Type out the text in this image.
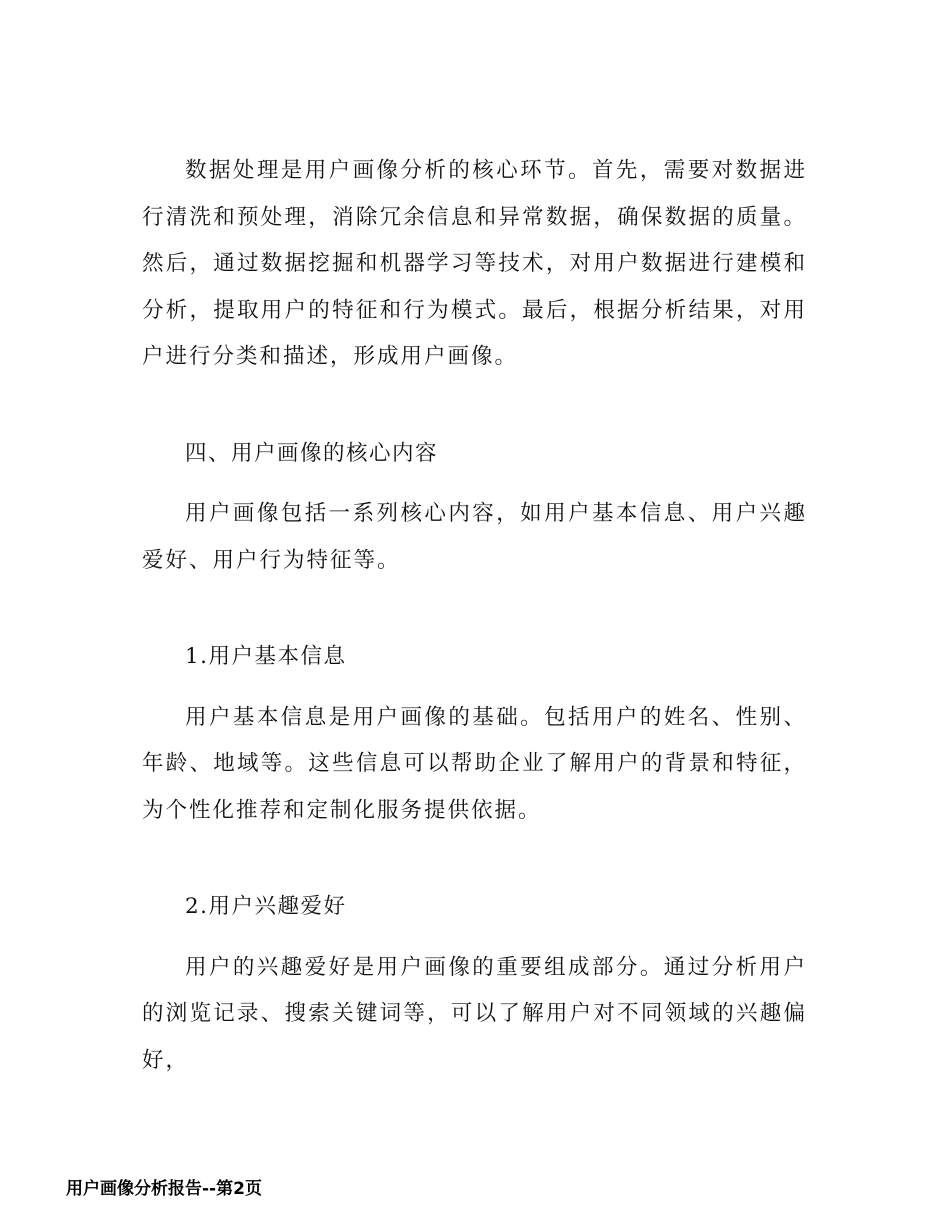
数据处理是用户画像分析的核心环节。首先，需要对数据进行清洗和预处理，消除冗余信息和异常数据，确保数据的质量。然后，通过数据挖掘和机器学习等技术，对用户数据进行建模和分析，提取用户的特征和行为模式。最后，根据分析结果，对用户进行分类和描述，形成用户画像。

四、用户画像的核心内容

用户画像包括一系列核心内容，如用户基本信息、用户兴趣爱好、用户行为特征等。

1.用户基本信息

用户基本信息是用户画像的基础。包括用户的姓名、性别、年龄、地域等。这些信息可以帮助企业了解用户的背景和特征，为个性化推荐和定制化服务提供依据。

2.用户兴趣爱好

用户的兴趣爱好是用户画像的重要组成部分。通过分析用户的浏览记录、搜索关键词等，可以了解用户对不同领域的兴趣偏好，

用户画像分析报告--第2页
